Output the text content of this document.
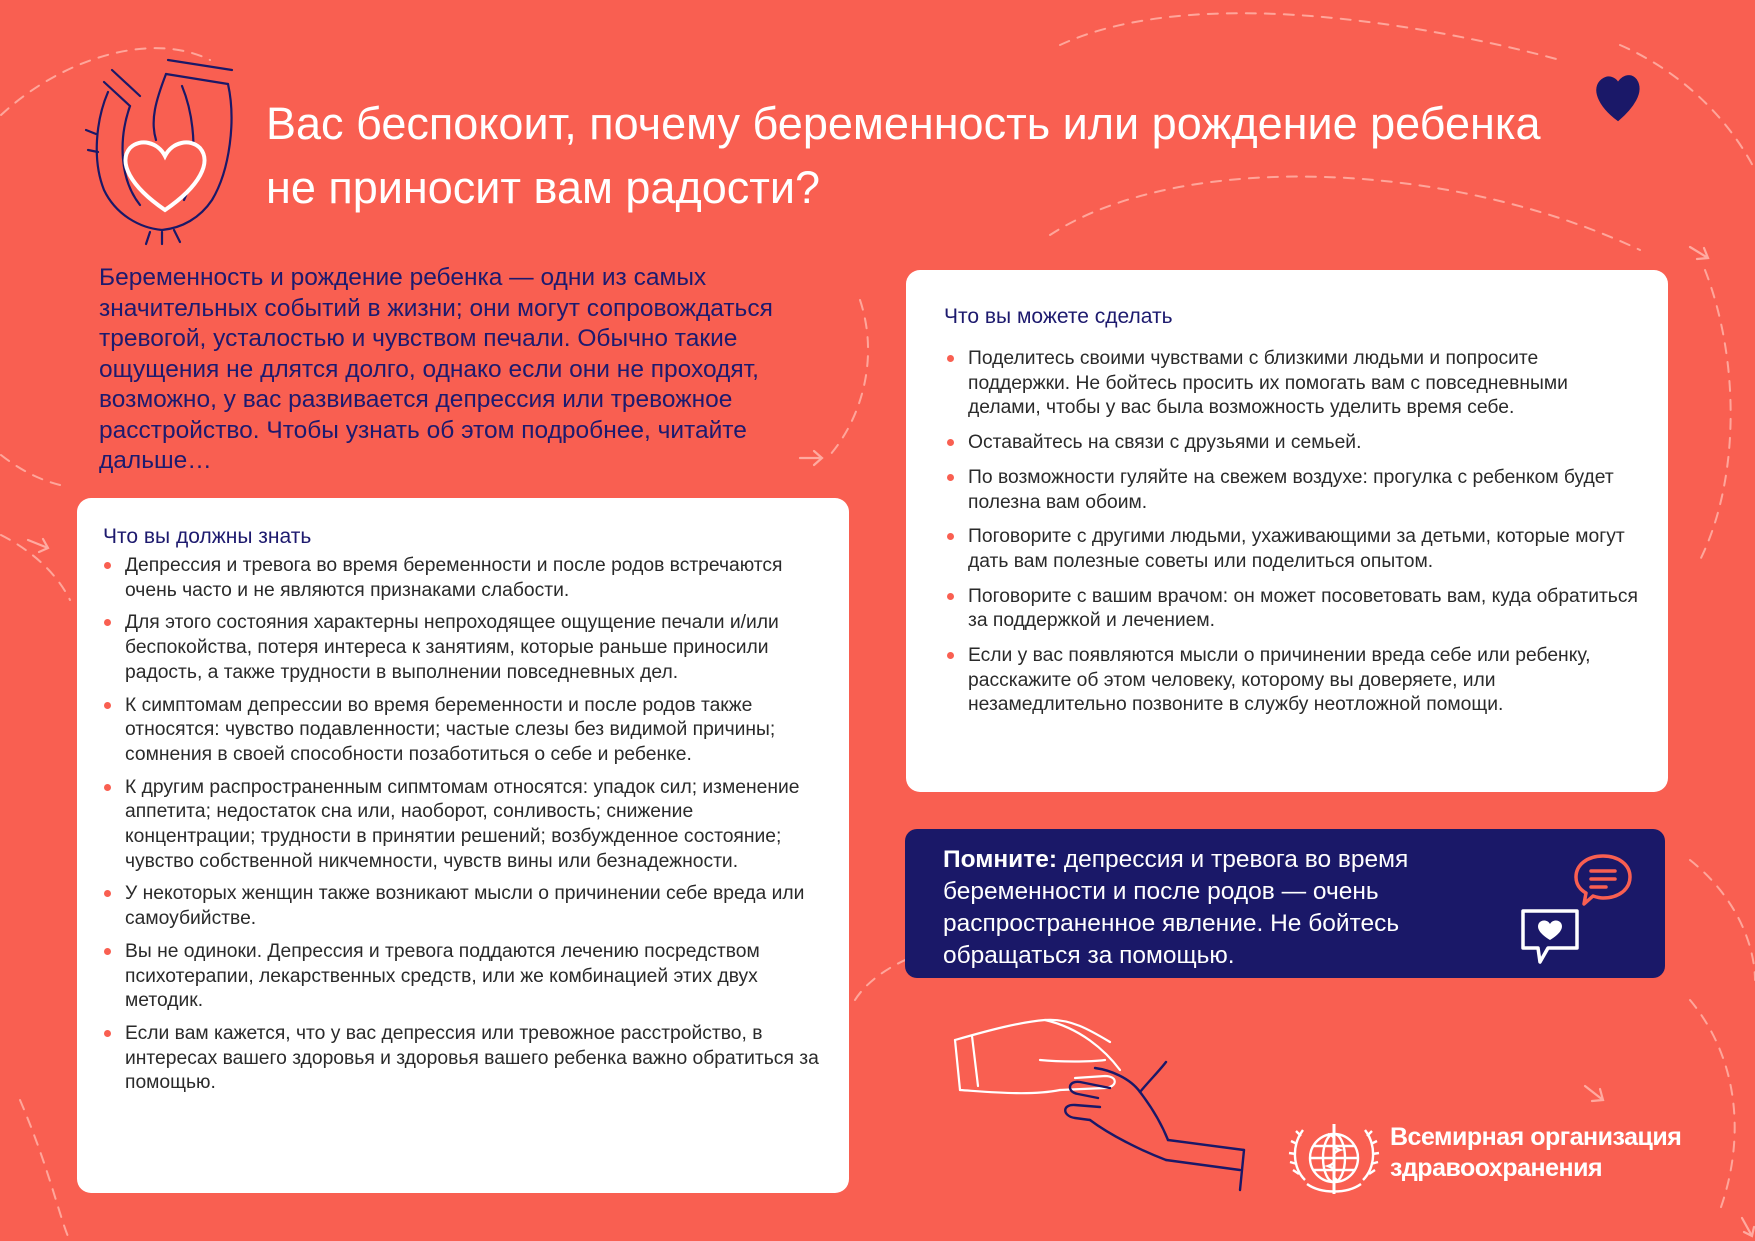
Вас беспокоит, почему беременность или рождение ребенка не приносит вам радости?

Беременность и рождение ребенка — одни из самых значительных событий в жизни; они могут сопровождаться тревогой, усталостью и чувством печали. Обычно такие ощущения не длятся долго, однако если они не проходят, возможно, у вас развивается депрессия или тревожное расстройство. Чтобы узнать об этом подробнее, читайте дальше…

Что вы должны знать
Депрессия и тревога во время беременности и после родов встречаются очень часто и не являются признаками слабости.
Для этого состояния характерны непроходящее ощущение печали и/или беспокойства, потеря интереса к занятиям, которые раньше приносили радость, а также трудности в выполнении повседневных дел.
К симптомам депрессии во время беременности и после родов также относятся: чувство подавленности; частые слезы без видимой причины; сомнения в своей способности позаботиться о себе и ребенке.
К другим распространенным сипмтомам относятся: упадок сил; изменение аппетита; недостаток сна или, наоборот, сонливость; снижение концентрации; трудности в принятии решений; возбужденное состояние; чувство собственной никчемности, чувств вины или безнадежности.
У некоторых женщин также возникают мысли о причинении себе вреда или самоубийстве.
Вы не одиноки. Депрессия и тревога поддаются лечению посредством психотерапии, лекарственных средств, или же комбинацией этих двух методик.
Если вам кажется, что у вас депрессия или тревожное расстройство, в интересах вашего здоровья и здоровья вашего ребенка важно обратиться за помощью.
Что вы можете сделать
Поделитесь своими чувствами с близкими людьми и попросите поддержки. Не бойтесь просить их помогать вам с повседневными делами, чтобы у вас была возможность уделить время себе.
Оставайтесь на связи с друзьями и семьей.
По возможности гуляйте на свежем воздухе: прогулка с ребенком будет полезна вам обоим.
Поговорите с другими людьми, ухаживающими за детьми, которые могут дать вам полезные советы или поделиться опытом.
Поговорите с вашим врачом: он может посоветовать вам, куда обратиться за поддержкой и лечением.
Если у вас появляются мысли о причинении вреда себе или ребенку, расскажите об этом человеку, которому вы доверяете, или незамедлительно позвоните в службу неотложной помощи.

Помните: депрессия и тревога во время беременности и после родов — очень распространенное явление. Не бойтесь обращаться за помощью.

Всемирная организация
здравоохранения
